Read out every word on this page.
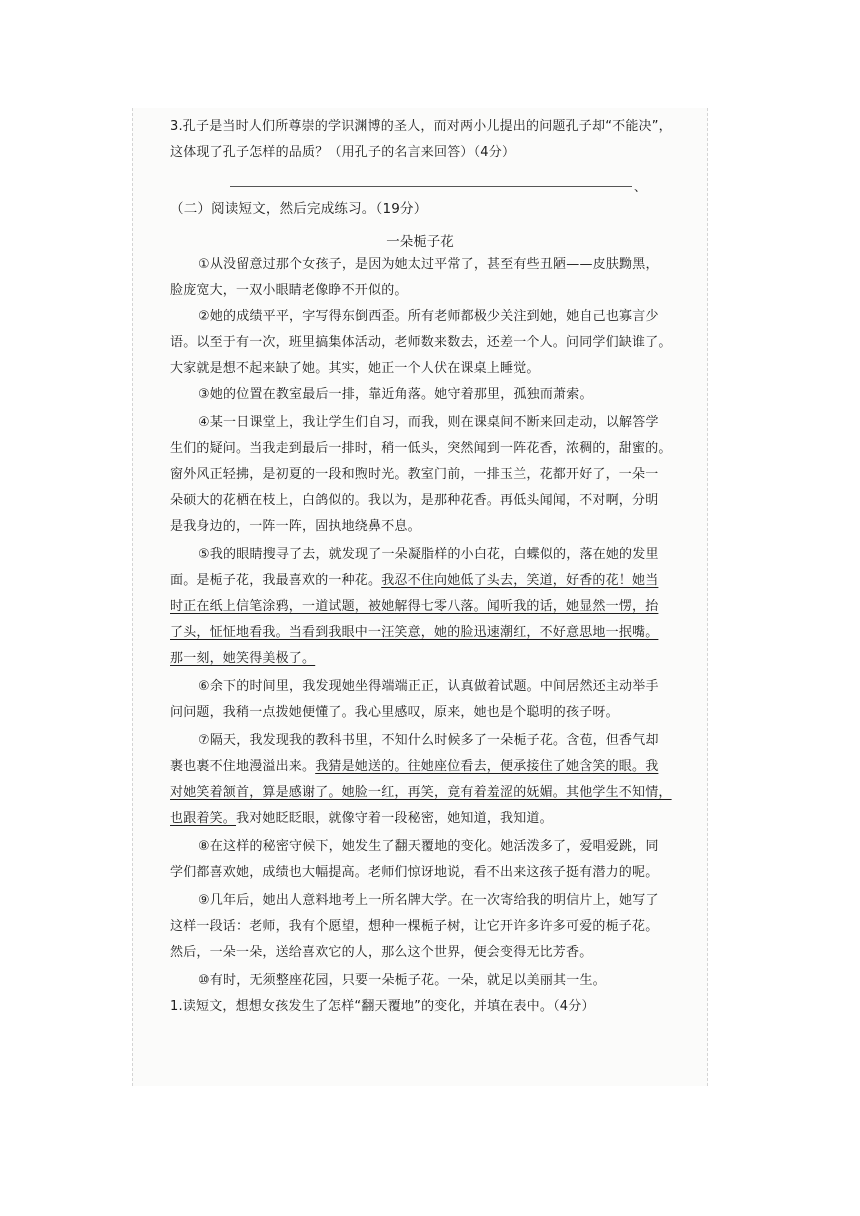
3.孔子是当时人们所尊崇的学识渊博的圣人，而对两小儿提出的问题孔子却“不能决”，
这体现了孔子怎样的品质？（用孔子的名言来回答）（4分）
、
（二）阅读短文，然后完成练习。（19分）
一朵栀子花
①从没留意过那个女孩子，是因为她太过平常了，甚至有些丑陋——皮肤黝黑，
脸庞宽大，一双小眼睛老像睁不开似的。
②她的成绩平平，字写得东倒西歪。所有老师都极少关注到她，她自己也寡言少
语。以至于有一次，班里搞集体活动，老师数来数去，还差一个人。问同学们缺谁了。
大家就是想不起来缺了她。其实，她正一个人伏在课桌上睡觉。
③她的位置在教室最后一排，靠近角落。她守着那里，孤独而萧索。
④某一日课堂上，我让学生们自习，而我，则在课桌间不断来回走动，以解答学
生们的疑问。当我走到最后一排时，稍一低头，突然闻到一阵花香，浓稠的，甜蜜的。
窗外风正轻拂，是初夏的一段和煦时光。教室门前，一排玉兰，花都开好了，一朵一
朵硕大的花栖在枝上，白鸽似的。我以为，是那种花香。再低头闻闻，不对啊，分明
是我身边的，一阵一阵，固执地绕鼻不息。
⑤我的眼睛搜寻了去，就发现了一朵凝脂样的小白花，白蝶似的，落在她的发里
面。是栀子花，我最喜欢的一种花。我忍不住向她低了头去，笑道，好香的花！她当
时正在纸上信笔涂鸦，一道试题，被她解得七零八落。闻听我的话，她显然一愣，抬
了头，怔怔地看我。当看到我眼中一汪笑意，她的脸迅速潮红，不好意思地一抿嘴。
那一刻，她笑得美极了。
⑥余下的时间里，我发现她坐得端端正正，认真做着试题。中间居然还主动举手
问问题，我稍一点拨她便懂了。我心里感叹，原来，她也是个聪明的孩子呀。
⑦隔天，我发现我的教科书里，不知什么时候多了一朵栀子花。含苞，但香气却
裹也裹不住地漫溢出来。我猜是她送的。往她座位看去，便承接住了她含笑的眼。我
对她笑着颔首，算是感谢了。她脸一红，再笑，竟有着羞涩的妩媚。其他学生不知情，
也跟着笑。我对她眨眨眼，就像守着一段秘密，她知道，我知道。
⑧在这样的秘密守候下，她发生了翻天覆地的变化。她活泼多了，爱唱爱跳，同
学们都喜欢她，成绩也大幅提高。老师们惊讶地说，看不出来这孩子挺有潜力的呢。
⑨几年后，她出人意料地考上一所名牌大学。在一次寄给我的明信片上，她写了
这样一段话：老师，我有个愿望，想种一棵栀子树，让它开许多许多可爱的栀子花。
然后，一朵一朵，送给喜欢它的人，那么这个世界，便会变得无比芳香。
⑩有时，无须整座花园，只要一朵栀子花。一朵，就足以美丽其一生。
1.读短文，想想女孩发生了怎样“翻天覆地”的变化，并填在表中。（4分）
